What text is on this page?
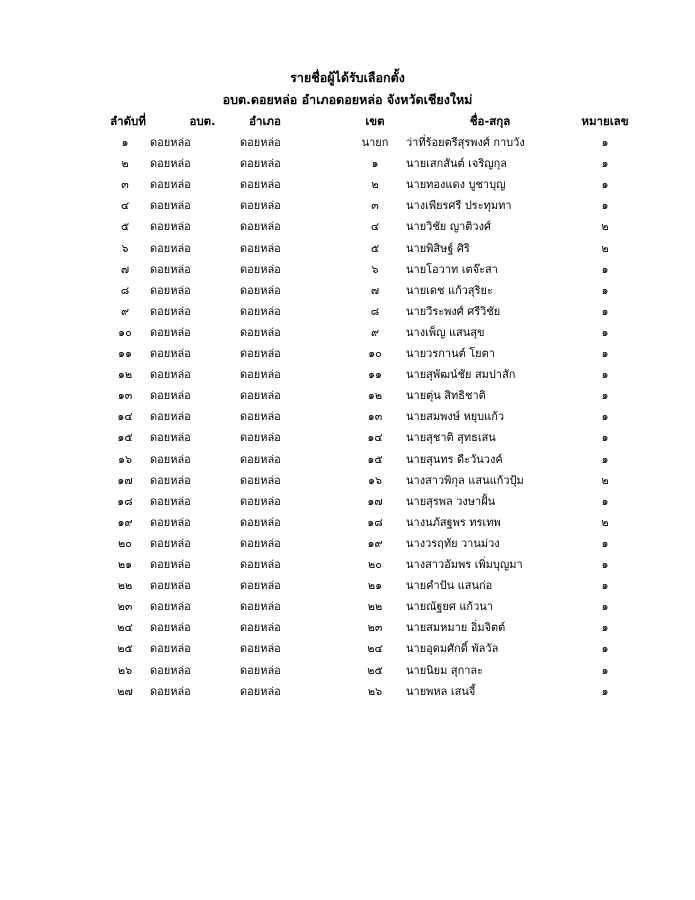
รายชื่อผู้ได้รับเลือกตั้ง
อบต.ดอยหล่อ อำเภอดอยหล่อ จังหวัดเชียงใหม่
ลำดับที่	อบต.	อำเภอ	เขต	ชื่อ-สกุล	หมายเลข
๑	ดอยหล่อ	ดอยหล่อ	นายก	ว่าที่ร้อยตรีสุรพงศ์ กาบวัง	๑
๒	ดอยหล่อ	ดอยหล่อ	๑	นายเสกสันต์ เจริญกุล	๑
๓	ดอยหล่อ	ดอยหล่อ	๒	นายทองแดง บูชาบุญ	๑
๔	ดอยหล่อ	ดอยหล่อ	๓	นางเพียรศรี ประทุมทา	๑
๕	ดอยหล่อ	ดอยหล่อ	๔	นายวิชัย ญาติวงศ์	๒
๖	ดอยหล่อ	ดอยหล่อ	๕	นายพิสิษฐ์ ศิริ	๒
๗	ดอยหล่อ	ดอยหล่อ	๖	นายโอวาท เตจ๊ะสา	๑
๘	ดอยหล่อ	ดอยหล่อ	๗	นายเดช แก้วสุริยะ	๑
๙	ดอยหล่อ	ดอยหล่อ	๘	นายวีระพงศ์ ศรีวิชัย	๑
๑๐	ดอยหล่อ	ดอยหล่อ	๙	นางเพ็ญ แสนสุข	๑
๑๑	ดอยหล่อ	ดอยหล่อ	๑๐	นายวรกานต์ โยตา	๑
๑๒	ดอยหล่อ	ดอยหล่อ	๑๑	นายสุพัฒน์ชัย สมปาสัก	๑
๑๓	ดอยหล่อ	ดอยหล่อ	๑๒	นายตุ่น สิทธิชาติ	๑
๑๔	ดอยหล่อ	ดอยหล่อ	๑๓	นายสมพงษ์ หยุบแก้ว	๑
๑๕	ดอยหล่อ	ดอยหล่อ	๑๔	นายสุชาติ สุทธเสน	๑
๑๖	ดอยหล่อ	ดอยหล่อ	๑๕	นายสุนทร ดีะวันวงค์	๑
๑๗	ดอยหล่อ	ดอยหล่อ	๑๖	นางสาวพิกุล แสนแก้วปุ้ม	๒
๑๘	ดอยหล่อ	ดอยหล่อ	๑๗	นายสุรพล วงษาฝั้น	๑
๑๙	ดอยหล่อ	ดอยหล่อ	๑๘	นางนภัสฐพร ทรเทพ	๒
๒๐	ดอยหล่อ	ดอยหล่อ	๑๙	นางวรฤทัย วานม่วง	๑
๒๑	ดอยหล่อ	ดอยหล่อ	๒๐	นางสาวอัมพร เพิ่มบุญมา	๑
๒๒	ดอยหล่อ	ดอยหล่อ	๒๑	นายคำปัน แสนก่อ	๑
๒๓	ดอยหล่อ	ดอยหล่อ	๒๒	นายณัฐยศ แก้วนา	๑
๒๔	ดอยหล่อ	ดอยหล่อ	๒๓	นายสมหมาย อิ่มจิตต์	๑
๒๕	ดอยหล่อ	ดอยหล่อ	๒๔	นายอุดมศักดิ์ พัลวัล	๑
๒๖	ดอยหล่อ	ดอยหล่อ	๒๕	นายนิยม สุกาละ	๑
๒๗	ดอยหล่อ	ดอยหล่อ	๒๖	นายพหล เสนจี้	๑
